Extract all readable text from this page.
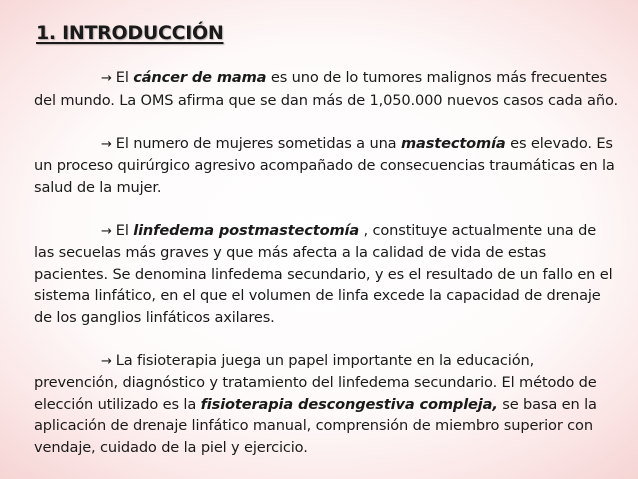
1. INTRODUCCIÓN

→ El cáncer de mama es uno de lo tumores malignos más frecuentes del mundo. La OMS afirma que se dan más de 1,050.000 nuevos casos cada año.

→ El numero de mujeres sometidas a una mastectomía es elevado. Es un proceso quirúrgico agresivo acompañado de consecuencias traumáticas en la salud de la mujer.

→ El linfedema postmastectomía , constituye actualmente una de las secuelas más graves y que más afecta a la calidad de vida de estas pacientes. Se denomina linfedema secundario, y es el resultado de un fallo en el sistema linfático, en el que el volumen de linfa excede la capacidad de drenaje de los ganglios linfáticos axilares.

→ La fisioterapia juega un papel importante en la educación, prevención, diagnóstico y tratamiento del linfedema secundario. El método de elección utilizado es la fisioterapia descongestiva compleja, se basa en la aplicación de drenaje linfático manual, comprensión de miembro superior con vendaje, cuidado de la piel y ejercicio.
